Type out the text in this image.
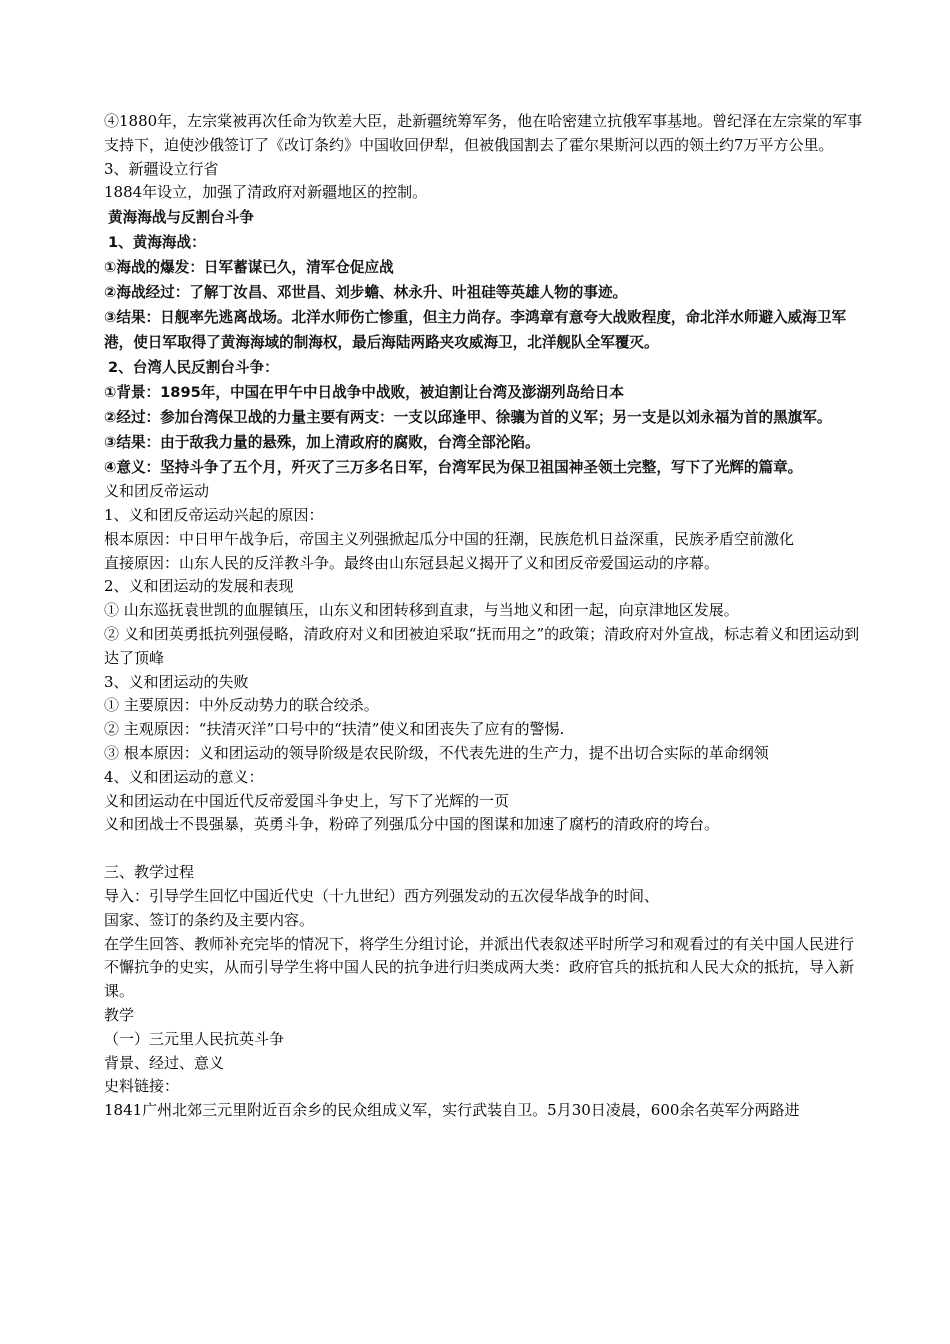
④1880年，左宗棠被再次任命为钦差大臣，赴新疆统筹军务，他在哈密建立抗俄军事基地。曾纪泽在左宗棠的军事支持下，迫使沙俄签订了《改订条约》中国收回伊犁，但被俄国割去了霍尔果斯河以西的领土约7万平方公里。
3、新疆设立行省
1884年设立，加强了清政府对新疆地区的控制。
黄海海战与反割台斗争
1、黄海海战：
①海战的爆发：日军蓄谋已久，清军仓促应战
②海战经过：了解丁汝昌、邓世昌、刘步蟾、林永升、叶祖硅等英雄人物的事迹。
③结果：日舰率先逃离战场。北洋水师伤亡惨重，但主力尚存。李鸿章有意夸大战败程度，命北洋水师避入威海卫军港，使日军取得了黄海海域的制海权，最后海陆两路夹攻威海卫，北洋舰队全军覆灭。
2、台湾人民反割台斗争：
①背景：1895年，中国在甲午中日战争中战败，被迫割让台湾及澎湖列岛给日本
②经过：参加台湾保卫战的力量主要有两支：一支以邱逢甲、徐骧为首的义军；另一支是以刘永福为首的黑旗军。
③结果：由于敌我力量的悬殊，加上清政府的腐败，台湾全部沦陷。
④意义：坚持斗争了五个月，歼灭了三万多名日军，台湾军民为保卫祖国神圣领土完整，写下了光辉的篇章。
义和团反帝运动
1、义和团反帝运动兴起的原因：
根本原因：中日甲午战争后，帝国主义列强掀起瓜分中国的狂潮，民族危机日益深重，民族矛盾空前激化
直接原因：山东人民的反洋教斗争。最终由山东冠县起义揭开了义和团反帝爱国运动的序幕。
2、义和团运动的发展和表现
① 山东巡抚袁世凯的血腥镇压，山东义和团转移到直隶，与当地义和团一起，向京津地区发展。
② 义和团英勇抵抗列强侵略，清政府对义和团被迫采取“抚而用之”的政策；清政府对外宣战，标志着义和团运动到达了顶峰
3、义和团运动的失败
① 主要原因：中外反动势力的联合绞杀。
② 主观原因：“扶清灭洋”口号中的“扶清”使义和团丧失了应有的警惕.
③ 根本原因：义和团运动的领导阶级是农民阶级，不代表先进的生产力，提不出切合实际的革命纲领
4、义和团运动的意义：
义和团运动在中国近代反帝爱国斗争史上，写下了光辉的一页
义和团战士不畏强暴，英勇斗争，粉碎了列强瓜分中国的图谋和加速了腐朽的清政府的垮台。
三、教学过程
导入：引导学生回忆中国近代史（十九世纪）西方列强发动的五次侵华战争的时间、
国家、签订的条约及主要内容。
在学生回答、教师补充完毕的情况下，将学生分组讨论，并派出代表叙述平时所学习和观看过的有关中国人民进行不懈抗争的史实，从而引导学生将中国人民的抗争进行归类成两大类：政府官兵的抵抗和人民大众的抵抗，导入新课。
教学
（一）三元里人民抗英斗争
背景、经过、意义
史料链接：
1841广州北郊三元里附近百余乡的民众组成义军，实行武装自卫。5月30日凌晨，600余名英军分两路进
